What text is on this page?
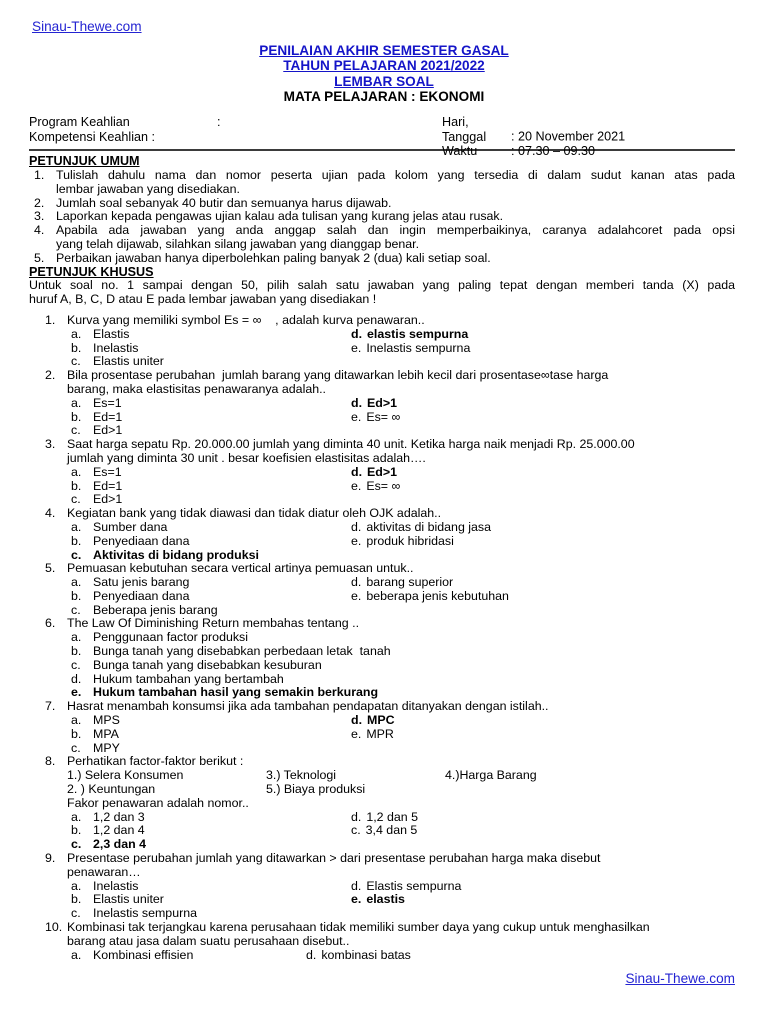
Sinau-Thewe.com
PENILAIAN AKHIR SEMESTER GASAL
TAHUN PELAJARAN 2021/2022
LEMBAR SOAL
MATA PELAJARAN : EKONOMI
Program Keahlian	:
Kompetensi Keahlian :
Hari, Tanggal : 20 November 2021
Waktu	: 07.30 – 09.30
PETUNJUK UMUM
1. Tulislah dahulu nama dan nomor peserta ujian pada kolom yang tersedia di dalam sudut kanan atas pada
lembar jawaban yang disediakan.
2. Jumlah soal sebanyak 40 butir dan semuanya harus dijawab.
3. Laporkan kepada pengawas ujian kalau ada tulisan yang kurang jelas atau rusak.
4. Apabila ada jawaban yang anda anggap salah dan ingin memperbaikinya, caranya adalahcoret pada opsi
yang telah dijawab, silahkan silang jawaban yang dianggap benar.
5. Perbaikan jawaban hanya diperbolehkan paling banyak 2 (dua) kali setiap soal.
PETUNJUK KHUSUS
Untuk soal no. 1 sampai dengan 50, pilih salah satu jawaban yang paling tepat dengan memberi tanda (X) pada
huruf A, B, C, D atau E pada lembar jawaban yang disediakan !
1. Kurva yang memiliki symbol Es = ∞    , adalah kurva penawaran..
a. Elastis	d. elastis sempurna
b. Inelastis	e. Inelastis sempurna
c. Elastis uniter
2. Bila prosentase perubahan  jumlah barang yang ditawarkan lebih kecil dari prosentase∞tase harga
barang, maka elastisitas penawaranya adalah..
a. Es=1	d. Ed>1
b. Ed=1	e. Es= ∞
c. Ed>1
3. Saat harga sepatu Rp. 20.000.00 jumlah yang diminta 40 unit. Ketika harga naik menjadi Rp. 25.000.00
jumlah yang diminta 30 unit . besar koefisien elastisitas adalah….
a. Es=1	d. Ed>1
b. Ed=1	e. Es= ∞
c. Ed>1
4. Kegiatan bank yang tidak diawasi dan tidak diatur oleh OJK adalah..
a. Sumber dana	d. aktivitas di bidang jasa
b. Penyediaan dana	e. produk hibridasi
c. Aktivitas di bidang produksi
5. Pemuasan kebutuhan secara vertical artinya pemuasan untuk..
a. Satu jenis barang	d. barang superior
b. Penyediaan dana	e. beberapa jenis kebutuhan
c. Beberapa jenis barang
6. The Law Of Diminishing Return membahas tentang ..
a. Penggunaan factor produksi
b. Bunga tanah yang disebabkan perbedaan letak  tanah
c. Bunga tanah yang disebabkan kesuburan
d. Hukum tambahan yang bertambah
e. Hukum tambahan hasil yang semakin berkurang
7. Hasrat menambah konsumsi jika ada tambahan pendapatan ditanyakan dengan istilah..
a. MPS	d. MPC
b. MPA	e. MPR
c. MPY
8. Perhatikan factor-faktor berikut :
1.) Selera Konsumen	3.) Teknologi	4.)Harga Barang
2. ) Keuntungan	5.) Biaya produksi
Fakor penawaran adalah nomor..
a. 1,2 dan 3	d. 1,2 dan 5
b. 1,2 dan 4	c. 3,4 dan 5
c. 2,3 dan 4
9. Presentase perubahan jumlah yang ditawarkan > dari presentase perubahan harga maka disebut
penawaran…
a. Inelastis	d. Elastis sempurna
b. Elastis uniter	e. elastis
c. Inelastis sempurna
10. Kombinasi tak terjangkau karena perusahaan tidak memiliki sumber daya yang cukup untuk menghasilkan
barang atau jasa dalam suatu perusahaan disebut..
a. Kombinasi effisien	d. kombinasi batas
Sinau-Thewe.com
